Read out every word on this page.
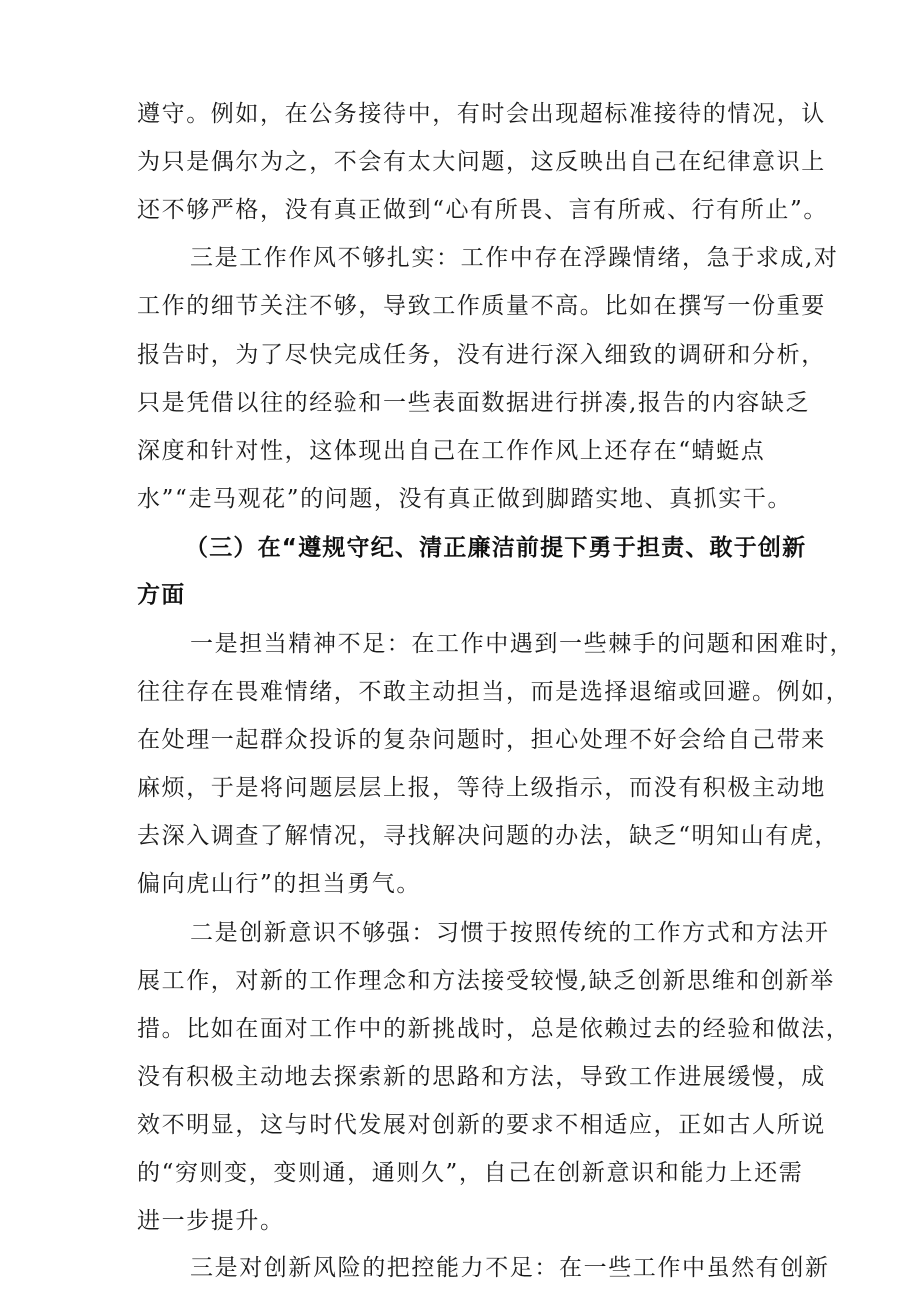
遵守。例如，在公务接待中，有时会出现超标准接待的情况，认
为只是偶尔为之，不会有太大问题，这反映出自己在纪律意识上
还不够严格，没有真正做到“心有所畏、言有所戒、行有所止”。
三是工作作风不够扎实：工作中存在浮躁情绪，急于求成,对
工作的细节关注不够，导致工作质量不高。比如在撰写一份重要
报告时，为了尽快完成任务，没有进行深入细致的调研和分析，
只是凭借以往的经验和一些表面数据进行拼凑,报告的内容缺乏
深度和针对性，这体现出自己在工作作风上还存在“蜻蜓点
水”“走马观花”的问题，没有真正做到脚踏实地、真抓实干。
（三）在“遵规守纪、清正廉洁前提下勇于担责、敢于创新
方面
一是担当精神不足：在工作中遇到一些棘手的问题和困难时，
往往存在畏难情绪，不敢主动担当，而是选择退缩或回避。例如，
在处理一起群众投诉的复杂问题时，担心处理不好会给自己带来
麻烦，于是将问题层层上报，等待上级指示，而没有积极主动地
去深入调查了解情况，寻找解决问题的办法，缺乏“明知山有虎，
偏向虎山行”的担当勇气。
二是创新意识不够强：习惯于按照传统的工作方式和方法开
展工作，对新的工作理念和方法接受较慢,缺乏创新思维和创新举
措。比如在面对工作中的新挑战时，总是依赖过去的经验和做法，
没有积极主动地去探索新的思路和方法，导致工作进展缓慢，成
效不明显，这与时代发展对创新的要求不相适应，正如古人所说
的“穷则变，变则通，通则久”，自己在创新意识和能力上还需
进一步提升。
三是对创新风险的把控能力不足：在一些工作中虽然有创新
